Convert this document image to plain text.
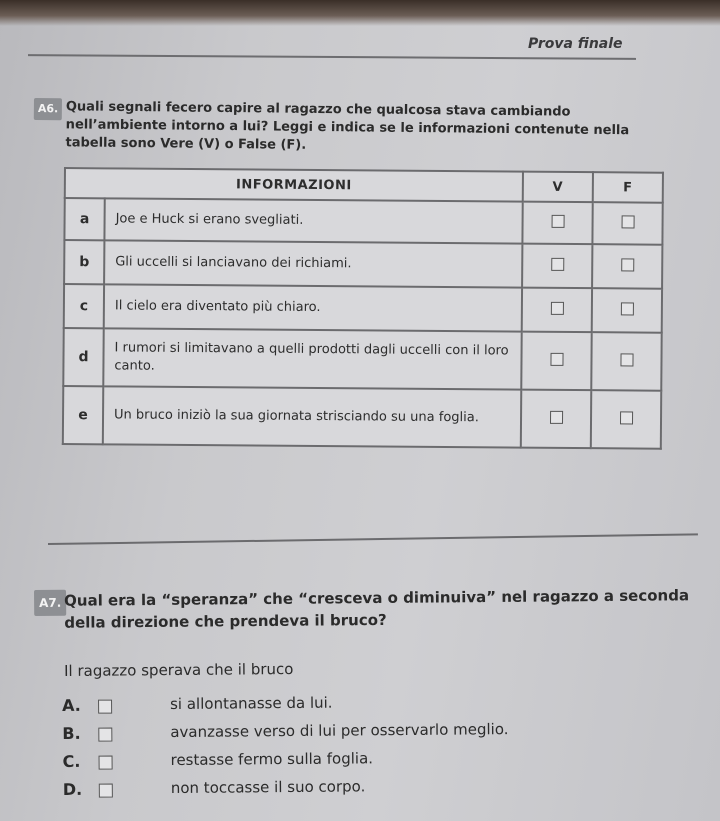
Prova finale
A6. Quali segnali fecero capire al ragazzo che qualcosa stava cambiando nell’ambiente intorno a lui? Leggi e indica se le informazioni contenute nella tabella sono Vere (V) o False (F).
INFORMAZIONI		V	F
a	Joe e Huck si erano svegliati.		
b	Gli uccelli si lanciavano dei richiami.		
c	Il cielo era diventato più chiaro.		
d	I rumori si limitavano a quelli prodotti dagli uccelli con il loro canto.		
e	Un bruco iniziò la sua giornata strisciando su una foglia.		
A7. Qual era la “speranza” che “cresceva o diminuiva” nel ragazzo a seconda della direzione che prendeva il bruco?
Il ragazzo sperava che il bruco
A.	si allontanasse da lui.
B.	avanzasse verso di lui per osservarlo meglio.
C.	restasse fermo sulla foglia.
D.	non toccasse il suo corpo.
